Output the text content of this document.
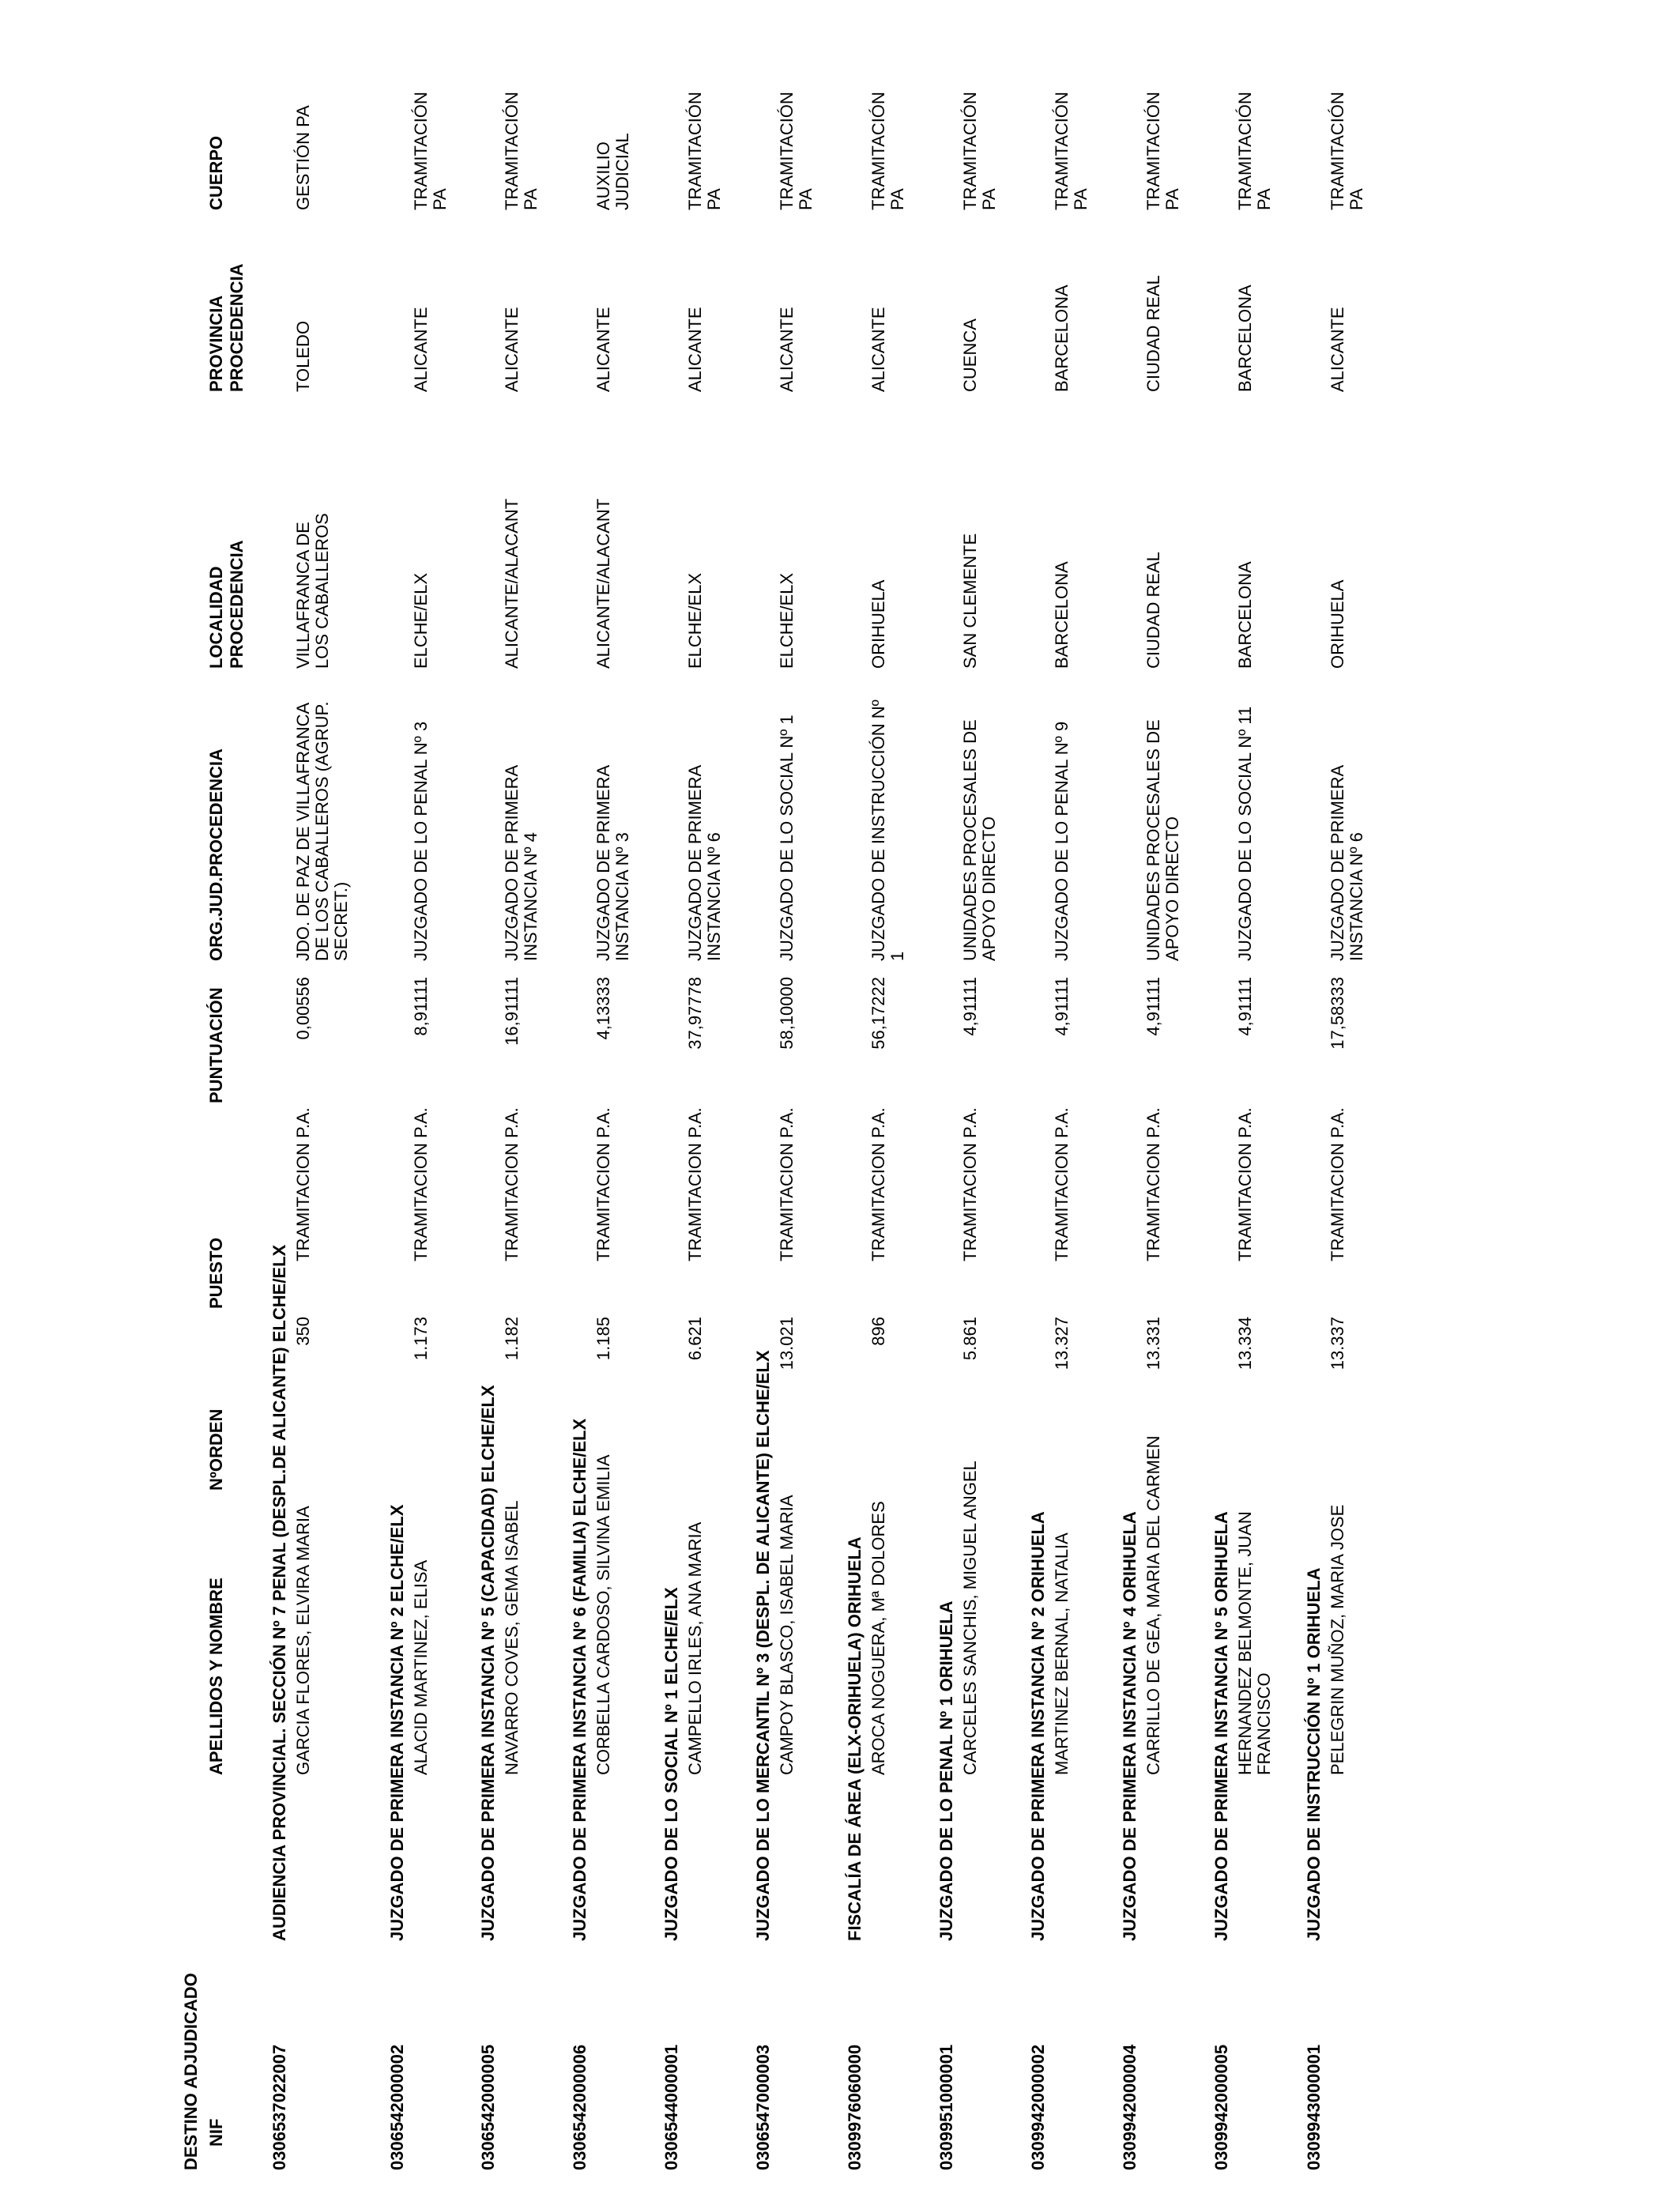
DESTINO ADJUDICADO NIF
APELLIDOS Y NOMBRE
NºORDEN
PUESTO
PUNTUACIÓN
ORG.JUD.PROCEDENCIA
LOCALIDAD PROCEDENCIA
PROVINCIA PROCEDENCIA
CUERPO
0306537022007
AUDIENCIA PROVINCIAL. SECCIÓN Nº 7 PENAL (DESPL.DE ALICANTE) ELCHE/ELX GARCIA FLORES, ELVIRA MARIA
350
TRAMITACION P.A.
0,00556
JDO. DE PAZ DE VILLAFRANCA DE LOS CABALLEROS (AGRUP. SECRET.)
VILLAFRANCA DE LOS CABALLEROS
TOLEDO
GESTIÓN PA
0306542000002
JUZGADO DE PRIMERA INSTANCIA Nº 2 ELCHE/ELX ALACID MARTINEZ, ELISA
1.173
TRAMITACION P.A.
8,91111
JUZGADO DE LO PENAL Nº 3
ELCHE/ELX
ALICANTE
TRAMITACIÓN PA
0306542000005
JUZGADO DE PRIMERA INSTANCIA Nº 5 (CAPACIDAD) ELCHE/ELX NAVARRO COVES, GEMA ISABEL
1.182
TRAMITACION P.A.
16,91111
JUZGADO DE PRIMERA INSTANCIA Nº 4
ALICANTE/ALACANT
ALICANTE
TRAMITACIÓN PA
0306542000006
JUZGADO DE PRIMERA INSTANCIA Nº 6 (FAMILIA) ELCHE/ELX CORBELLA CARDOSO, SILVINA EMILIA
1.185
TRAMITACION P.A.
4,13333
JUZGADO DE PRIMERA INSTANCIA Nº 3
ALICANTE/ALACANT
ALICANTE
AUXILIO JUDICIAL
0306544000001
JUZGADO DE LO SOCIAL Nº 1 ELCHE/ELX CAMPELLO IRLES, ANA MARIA
6.621
TRAMITACION P.A.
37,97778
JUZGADO DE PRIMERA INSTANCIA Nº 6
ELCHE/ELX
ALICANTE
TRAMITACIÓN PA
0306547000003
JUZGADO DE LO MERCANTIL Nº 3 (DESPL. DE ALICANTE) ELCHE/ELX CAMPOY BLASCO, ISABEL MARIA
13.021
TRAMITACION P.A.
58,10000
JUZGADO DE LO SOCIAL Nº 1
ELCHE/ELX
ALICANTE
TRAMITACIÓN PA
0309976060000
FISCALÍA DE ÁREA (ELX-ORIHUELA) ORIHUELA AROCA NOGUERA, Mª DOLORES
896
TRAMITACION P.A.
56,17222
JUZGADO DE INSTRUCCIÓN Nº 1
ORIHUELA
ALICANTE
TRAMITACIÓN PA
0309951000001
JUZGADO DE LO PENAL Nº 1 ORIHUELA CARCELES SANCHIS, MIGUEL ANGEL
5.861
TRAMITACION P.A.
4,91111
UNIDADES PROCESALES DE APOYO DIRECTO
SAN CLEMENTE
CUENCA
TRAMITACIÓN PA
0309942000002
JUZGADO DE PRIMERA INSTANCIA Nº 2 ORIHUELA MARTINEZ BERNAL, NATALIA
13.327
TRAMITACION P.A.
4,91111
JUZGADO DE LO PENAL Nº 9
BARCELONA
BARCELONA
TRAMITACIÓN PA
0309942000004
JUZGADO DE PRIMERA INSTANCIA Nº 4 ORIHUELA CARRILLO DE GEA, MARIA DEL CARMEN
13.331
TRAMITACION P.A.
4,91111
UNIDADES PROCESALES DE APOYO DIRECTO
CIUDAD REAL
CIUDAD REAL
TRAMITACIÓN PA
0309942000005
JUZGADO DE PRIMERA INSTANCIA Nº 5 ORIHUELA HERNANDEZ BELMONTE, JUAN FRANCISCO
13.334
TRAMITACION P.A.
4,91111
JUZGADO DE LO SOCIAL Nº 11
BARCELONA
BARCELONA
TRAMITACIÓN PA
0309943000001
JUZGADO DE INSTRUCCIÓN Nº 1 ORIHUELA PELEGRIN MUÑOZ, MARIA JOSE
13.337
TRAMITACION P.A.
17,58333
JUZGADO DE PRIMERA INSTANCIA Nº 6
ORIHUELA
ALICANTE
TRAMITACIÓN PA
